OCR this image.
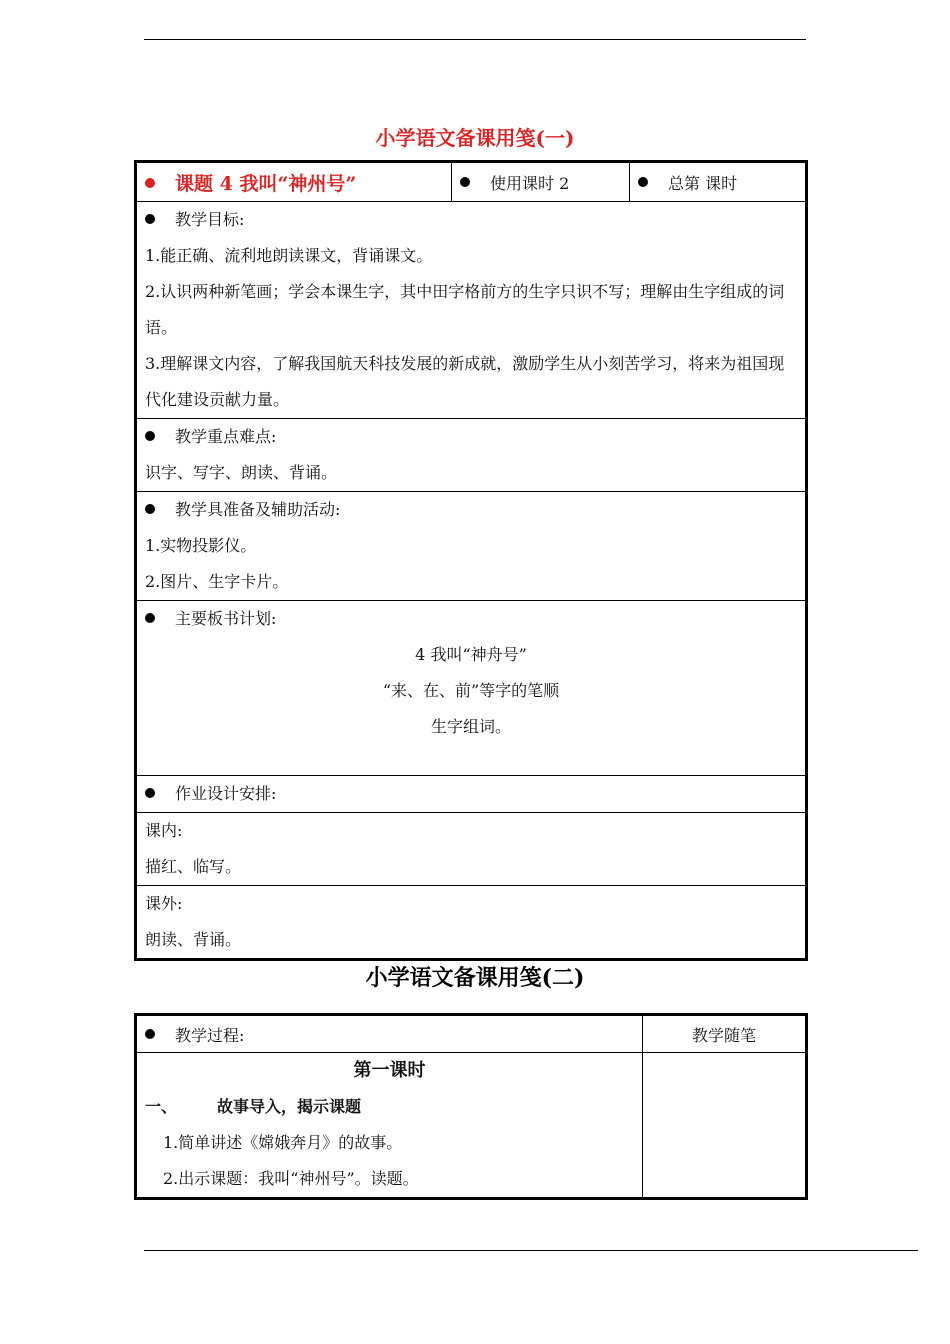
小学语文备课用笺(一)
课题 4 我叫“神州号”	使用课时 2	总第 课时

教学目标:
1.能正确、流利地朗读课文，背诵课文。
2.认识两种新笔画；学会本课生字，其中田字格前方的生字只识不写；理解由生字组成的词语。
3.理解课文内容，了解我国航天科技发展的新成就，激励学生从小刻苦学习，将来为祖国现代化建设贡献力量。

教学重点难点:
识字、写字、朗读、背诵。

教学具准备及辅助活动:
1.实物投影仪。
2.图片、生字卡片。

主要板书计划:
4 我叫“神舟号”
“来、在、前”等字的笔顺
生字组词。

作业设计安排:

课内:
描红、临写。

课外:
朗读、背诵。
小学语文备课用笺(二)
教学过程:	教学随笔

第一课时
一、 故事导入，揭示课题
1.简单讲述《嫦娥奔月》的故事。
2.出示课题：我叫“神州号”。读题。	
